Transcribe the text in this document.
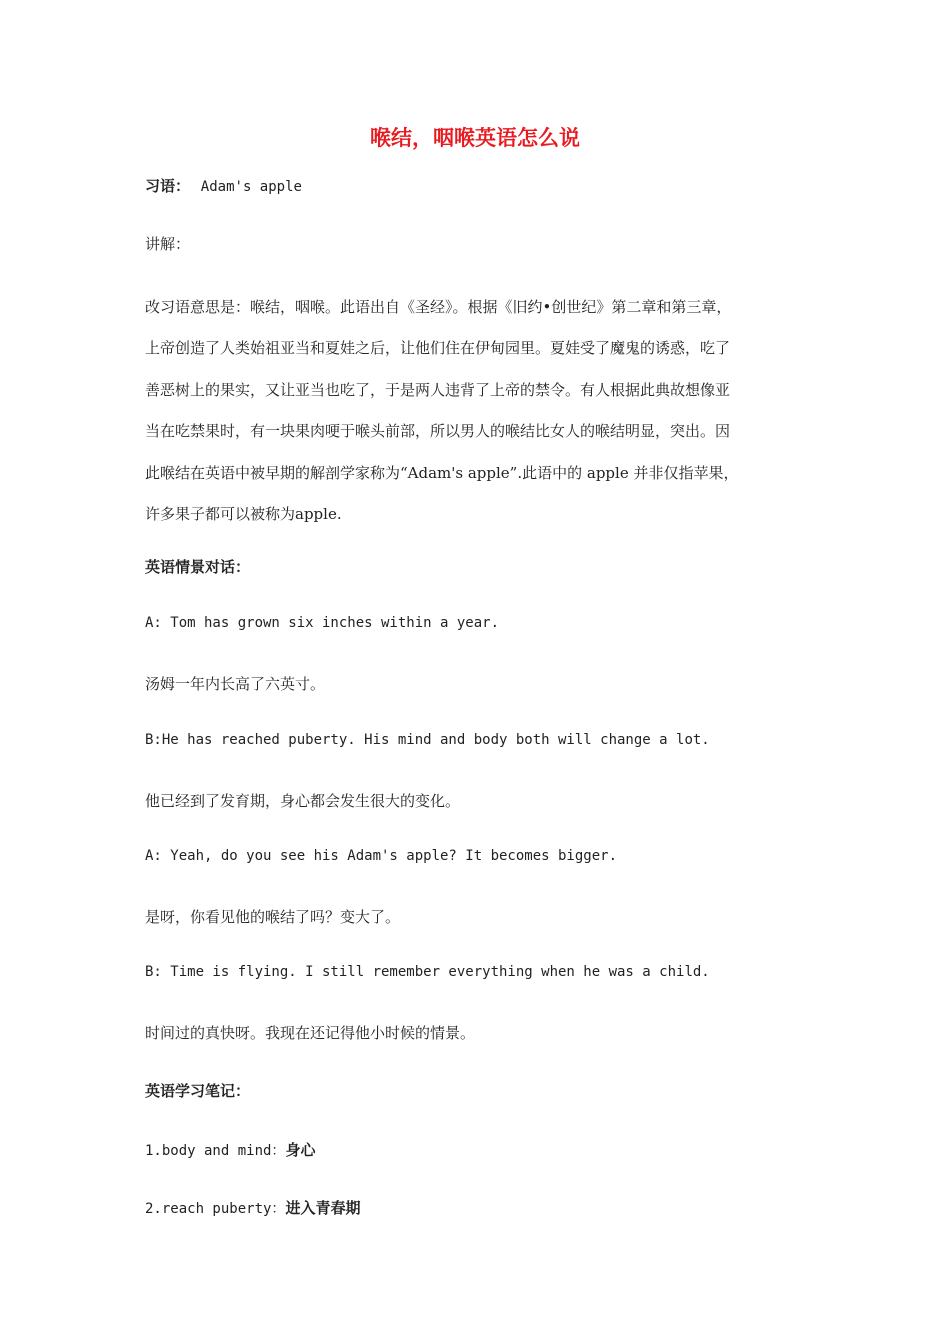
喉结，咽喉英语怎么说
习语： Adam's apple
讲解：
改习语意思是：喉结，咽喉。此语出自《圣经》。根据《旧约•创世纪》第二章和第三章，
上帝创造了人类始祖亚当和夏娃之后，让他们住在伊甸园里。夏娃受了魔鬼的诱惑，吃了
善恶树上的果实，又让亚当也吃了，于是两人违背了上帝的禁令。有人根据此典故想像亚
当在吃禁果时，有一块果肉哽于喉头前部，所以男人的喉结比女人的喉结明显，突出。因
此喉结在英语中被早期的解剖学家称为“Adam's apple”.此语中的 apple 并非仅指苹果，
许多果子都可以被称为apple.
英语情景对话：
A: Tom has grown six inches within a year.
汤姆一年内长高了六英寸。
B:He has reached puberty. His mind and body both will change a lot.
他已经到了发育期，身心都会发生很大的变化。
A: Yeah, do you see his Adam's apple? It becomes bigger.
是呀，你看见他的喉结了吗？变大了。
B: Time is flying. I still remember everything when he was a child.
时间过的真快呀。我现在还记得他小时候的情景。
英语学习笔记：
1.body and mind：身心
2.reach puberty：进入青春期
